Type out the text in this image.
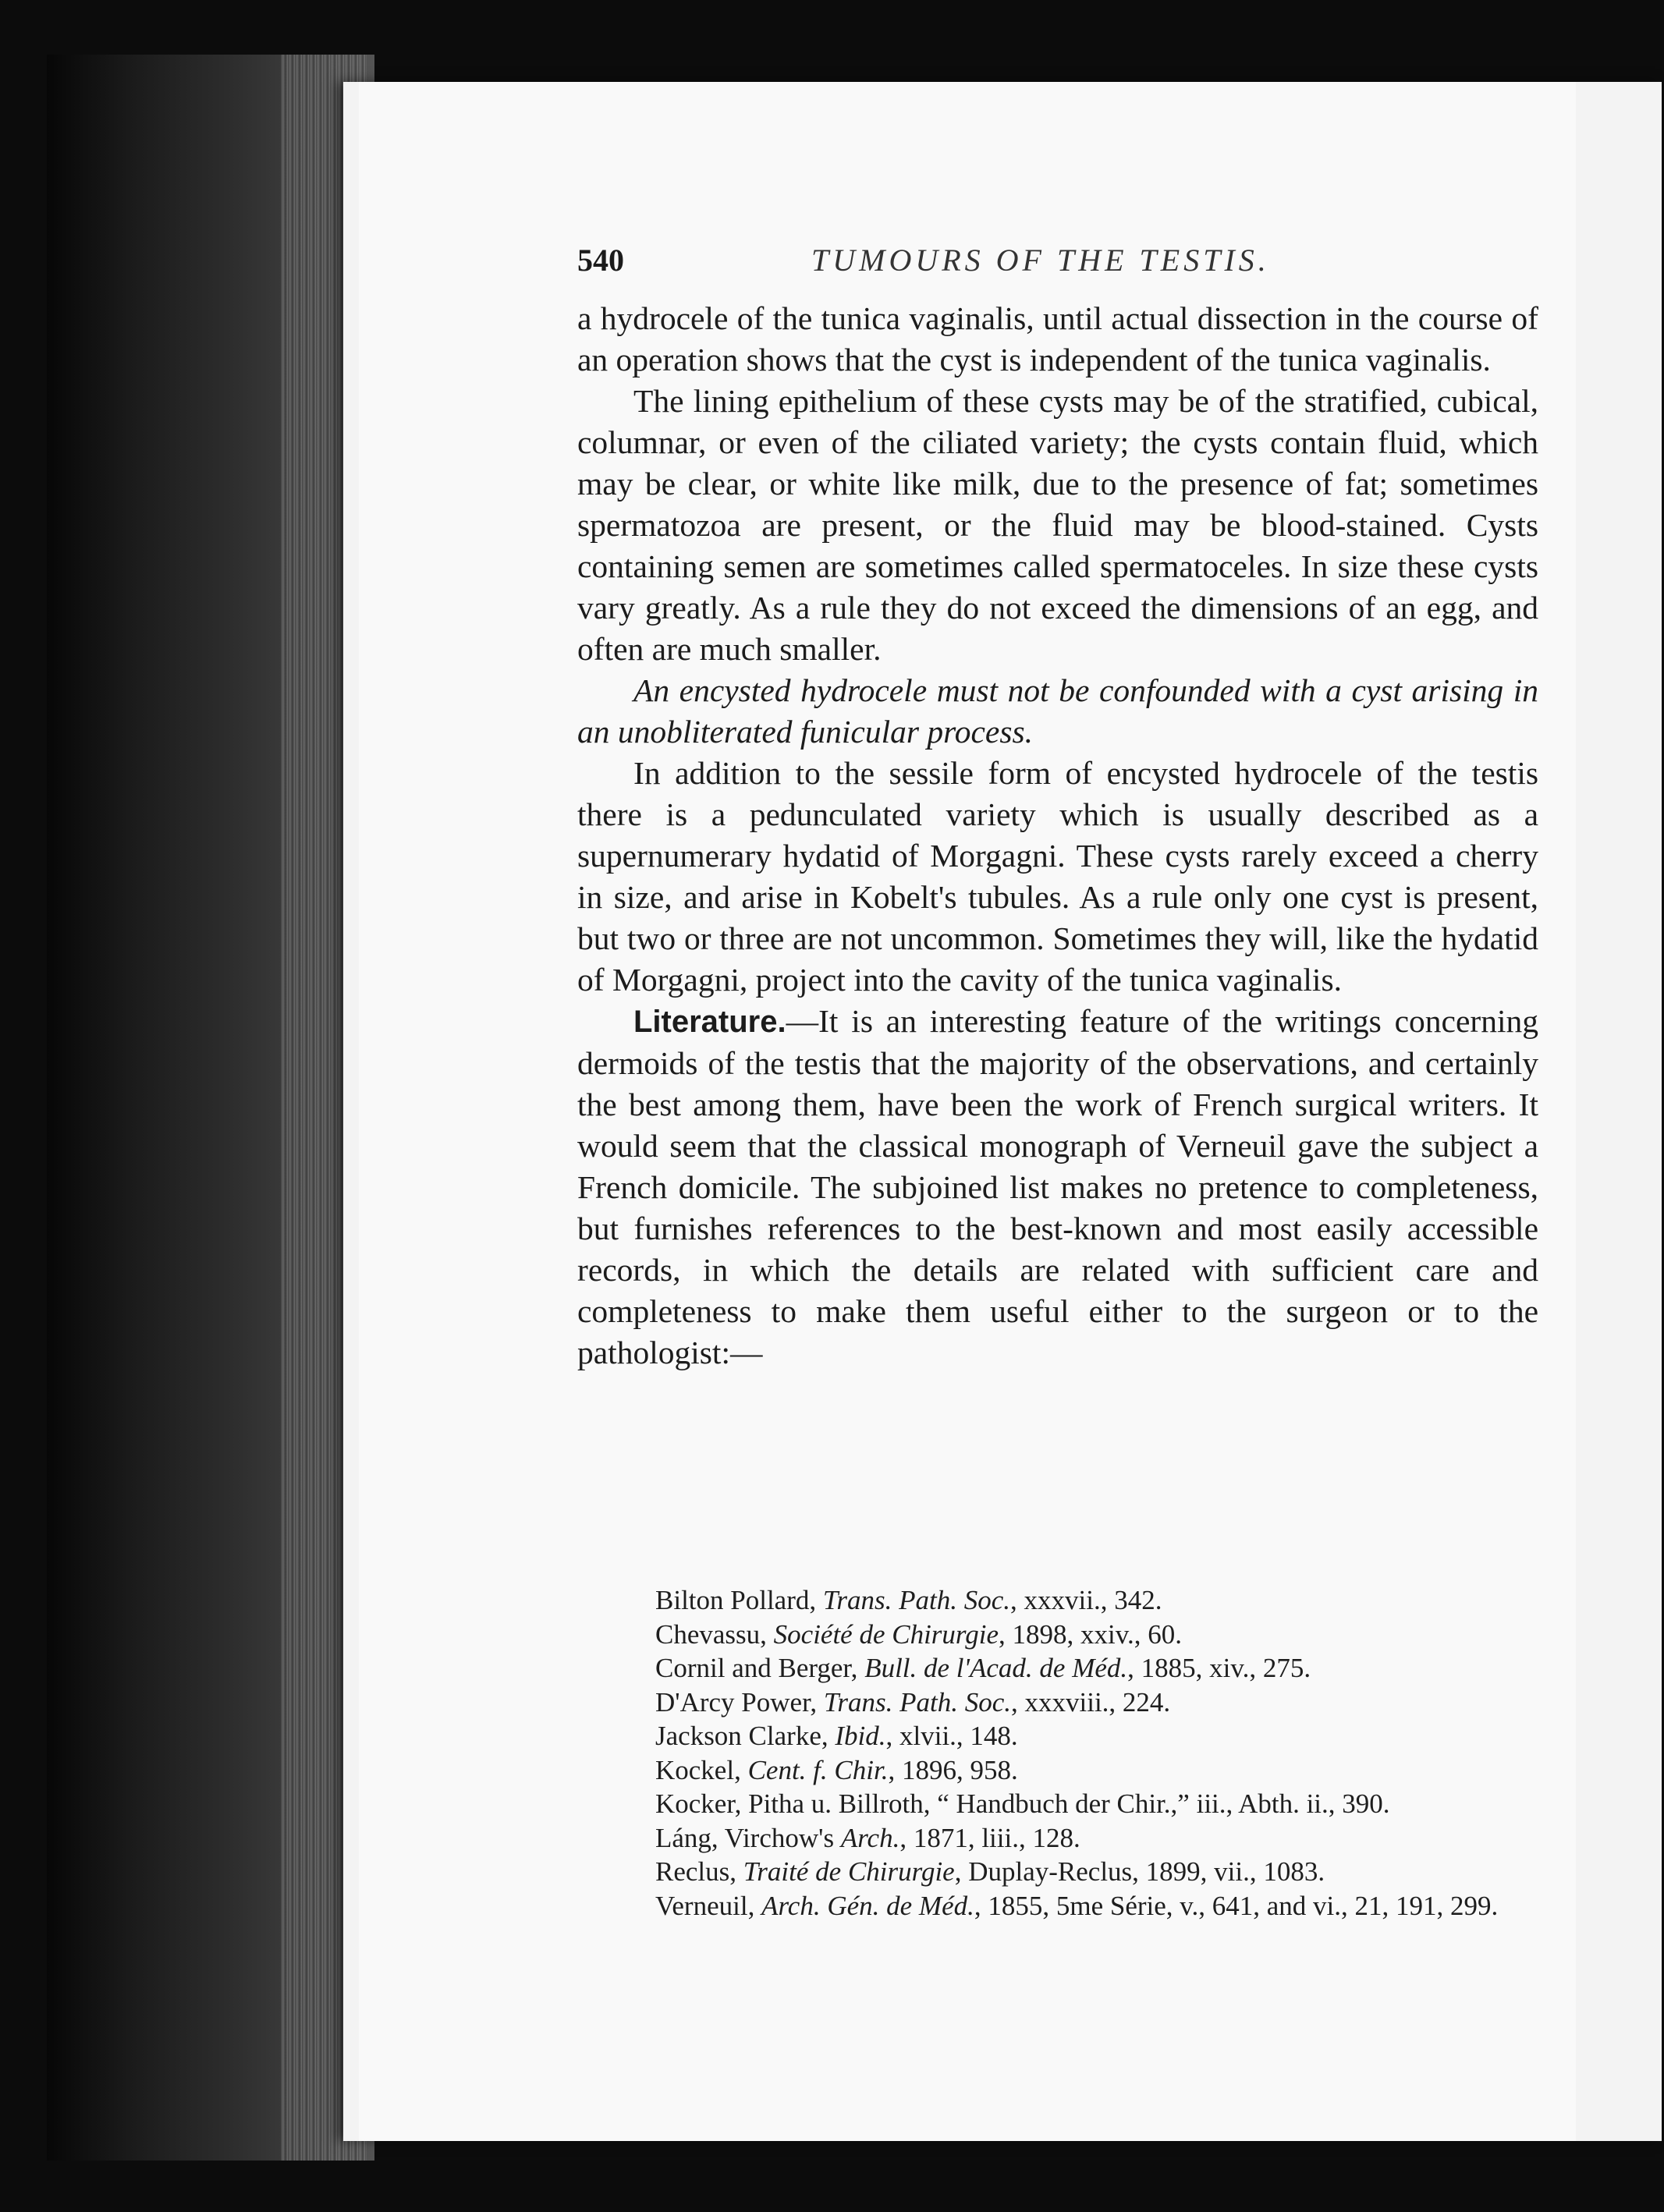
540	TUMOURS OF THE TESTIS.

a hydrocele of the tunica vaginalis, until actual dissection in the course of an operation shows that the cyst is independent of the tunica vaginalis.

The lining epithelium of these cysts may be of the stratified, cubical, columnar, or even of the ciliated variety; the cysts contain fluid, which may be clear, or white like milk, due to the presence of fat; sometimes spermatozoa are present, or the fluid may be blood-stained. Cysts containing semen are sometimes called spermatoceles. In size these cysts vary greatly. As a rule they do not exceed the dimensions of an egg, and often are much smaller.

An encysted hydrocele must not be confounded with a cyst arising in an unobliterated funicular process.

In addition to the sessile form of encysted hydrocele of the testis there is a pedunculated variety which is usually described as a supernumerary hydatid of Morgagni. These cysts rarely exceed a cherry in size, and arise in Kobelt's tubules. As a rule only one cyst is present, but two or three are not uncommon. Sometimes they will, like the hydatid of Morgagni, project into the cavity of the tunica vaginalis.

Literature.—It is an interesting feature of the writings concerning dermoids of the testis that the majority of the observations, and certainly the best among them, have been the work of French surgical writers. It would seem that the classical monograph of Verneuil gave the subject a French domicile. The subjoined list makes no pretence to completeness, but furnishes references to the best-known and most easily accessible records, in which the details are related with sufficient care and completeness to make them useful either to the surgeon or to the pathologist:—

Bilton Pollard, Trans. Path. Soc., xxxvii., 342.

Chevassu, Société de Chirurgie, 1898, xxiv., 60.

Cornil and Berger, Bull. de l'Acad. de Méd., 1885, xiv., 275.

D'Arcy Power, Trans. Path. Soc., xxxviii., 224.

Jackson Clarke, Ibid., xlvii., 148.

Kockel, Cent. f. Chir., 1896, 958.

Kocker, Pitha u. Billroth, “ Handbuch der Chir.,” iii., Abth. ii., 390.

Láng, Virchow's Arch., 1871, liii., 128.

Reclus, Traité de Chirurgie, Duplay-Reclus, 1899, vii., 1083.

Verneuil, Arch. Gén. de Méd., 1855, 5me Série, v., 641, and vi., 21, 191, 299.
